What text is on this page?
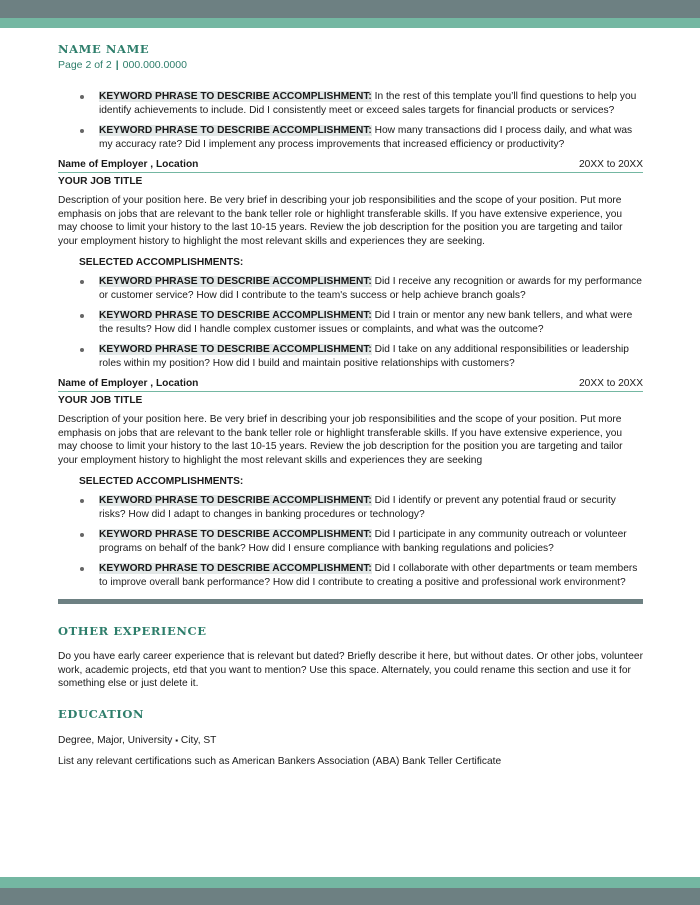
NAME NAME
Page 2 of 2 | 000.000.0000
KEYWORD PHRASE TO DESCRIBE ACCOMPLISHMENT: In the rest of this template you’ll find questions to help you identify achievements to include. Did I consistently meet or exceed sales targets for financial products or services?
KEYWORD PHRASE TO DESCRIBE ACCOMPLISHMENT: How many transactions did I process daily, and what was my accuracy rate? Did I implement any process improvements that increased efficiency or productivity?
Name of Employer , Location	20XX to 20XX
YOUR JOB TITLE
Description of your position here. Be very brief in describing your job responsibilities and the scope of your position. Put more emphasis on jobs that are relevant to the bank teller role or highlight transferable skills. If you have extensive experience, you may choose to limit your history to the last 10-15 years. Review the job description for the position you are targeting and tailor your employment history to highlight the most relevant skills and experiences they are seeking.
SELECTED ACCOMPLISHMENTS:
KEYWORD PHRASE TO DESCRIBE ACCOMPLISHMENT: Did I receive any recognition or awards for my performance or customer service? How did I contribute to the team's success or help achieve branch goals?
KEYWORD PHRASE TO DESCRIBE ACCOMPLISHMENT: Did I train or mentor any new bank tellers, and what were the results? How did I handle complex customer issues or complaints, and what was the outcome?
KEYWORD PHRASE TO DESCRIBE ACCOMPLISHMENT: Did I take on any additional responsibilities or leadership roles within my position? How did I build and maintain positive relationships with customers?
Name of Employer , Location	20XX to 20XX
YOUR JOB TITLE
Description of your position here. Be very brief in describing your job responsibilities and the scope of your position. Put more emphasis on jobs that are relevant to the bank teller role or highlight transferable skills. If you have extensive experience, you may choose to limit your history to the last 10-15 years. Review the job description for the position you are targeting and tailor your employment history to highlight the most relevant skills and experiences they are seeking
SELECTED ACCOMPLISHMENTS:
KEYWORD PHRASE TO DESCRIBE ACCOMPLISHMENT: Did I identify or prevent any potential fraud or security risks? How did I adapt to changes in banking procedures or technology?
KEYWORD PHRASE TO DESCRIBE ACCOMPLISHMENT: Did I participate in any community outreach or volunteer programs on behalf of the bank? How did I ensure compliance with banking regulations and policies?
KEYWORD PHRASE TO DESCRIBE ACCOMPLISHMENT: Did I collaborate with other departments or team members to improve overall bank performance? How did I contribute to creating a positive and professional work environment?
OTHER EXPERIENCE
Do you have early career experience that is relevant but dated? Briefly describe it here, but without dates. Or other jobs, volunteer work, academic projects, etd that you want to mention? Use this space. Alternately, you could rename this section and use it for something else or just delete it.
EDUCATION
Degree, Major, University ▪ City, ST
List any relevant certifications such as American Bankers Association (ABA) Bank Teller Certificate
